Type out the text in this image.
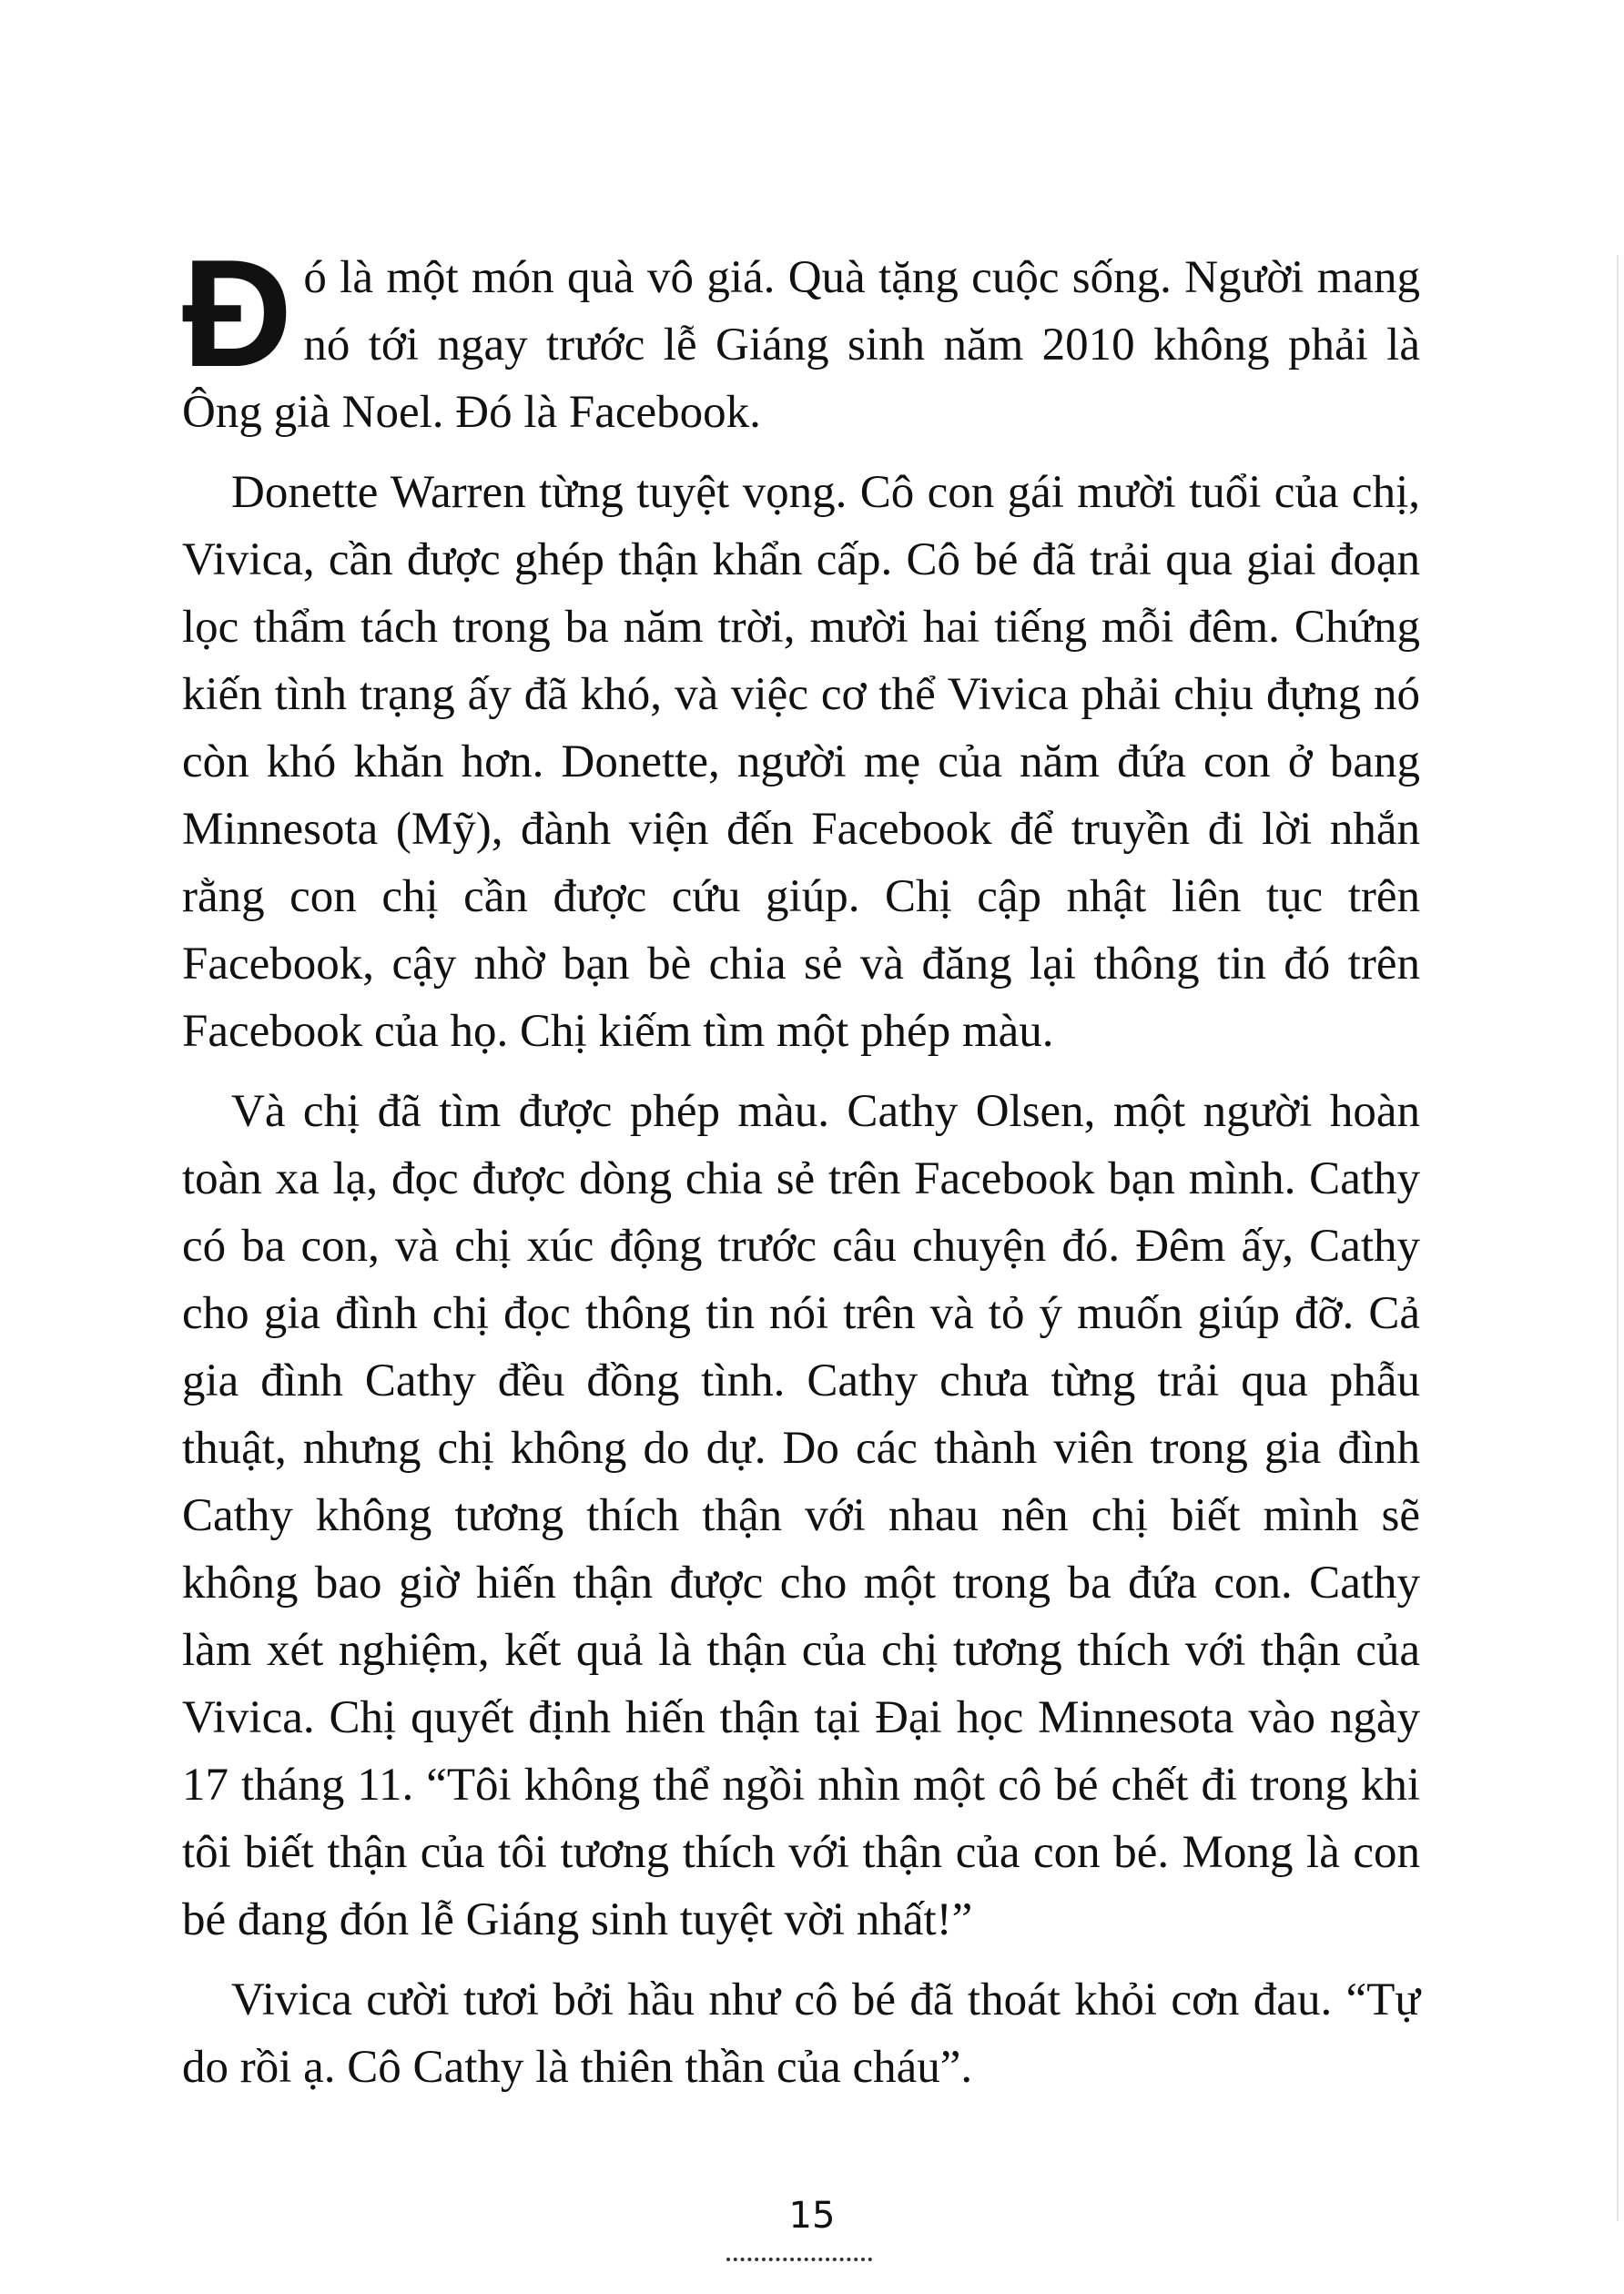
Đó là một món quà vô giá. Quà tặng cuộc sống. Người mang nó tới ngay trước lễ Giáng sinh năm 2010 không phải là Ông già Noel. Đó là Facebook.

Donette Warren từng tuyệt vọng. Cô con gái mười tuổi của chị, Vivica, cần được ghép thận khẩn cấp. Cô bé đã trải qua giai đoạn lọc thẩm tách trong ba năm trời, mười hai tiếng mỗi đêm. Chứng kiến tình trạng ấy đã khó, và việc cơ thể Vivica phải chịu đựng nó còn khó khăn hơn. Donette, người mẹ của năm đứa con ở bang Minnesota (Mỹ), đành viện đến Facebook để truyền đi lời nhắn rằng con chị cần được cứu giúp. Chị cập nhật liên tục trên Facebook, cậy nhờ bạn bè chia sẻ và đăng lại thông tin đó trên Facebook của họ. Chị kiếm tìm một phép màu.

Và chị đã tìm được phép màu. Cathy Olsen, một người hoàn toàn xa lạ, đọc được dòng chia sẻ trên Facebook bạn mình. Cathy có ba con, và chị xúc động trước câu chuyện đó. Đêm ấy, Cathy cho gia đình chị đọc thông tin nói trên và tỏ ý muốn giúp đỡ. Cả gia đình Cathy đều đồng tình. Cathy chưa từng trải qua phẫu thuật, nhưng chị không do dự. Do các thành viên trong gia đình Cathy không tương thích thận với nhau nên chị biết mình sẽ không bao giờ hiến thận được cho một trong ba đứa con. Cathy làm xét nghiệm, kết quả là thận của chị tương thích với thận của Vivica. Chị quyết định hiến thận tại Đại học Minnesota vào ngày 17 tháng 11. “Tôi không thể ngồi nhìn một cô bé chết đi trong khi tôi biết thận của tôi tương thích với thận của con bé. Mong là con bé đang đón lễ Giáng sinh tuyệt vời nhất!”

Vivica cười tươi bởi hầu như cô bé đã thoát khỏi cơn đau. “Tự do rồi ạ. Cô Cathy là thiên thần của cháu”.

15
